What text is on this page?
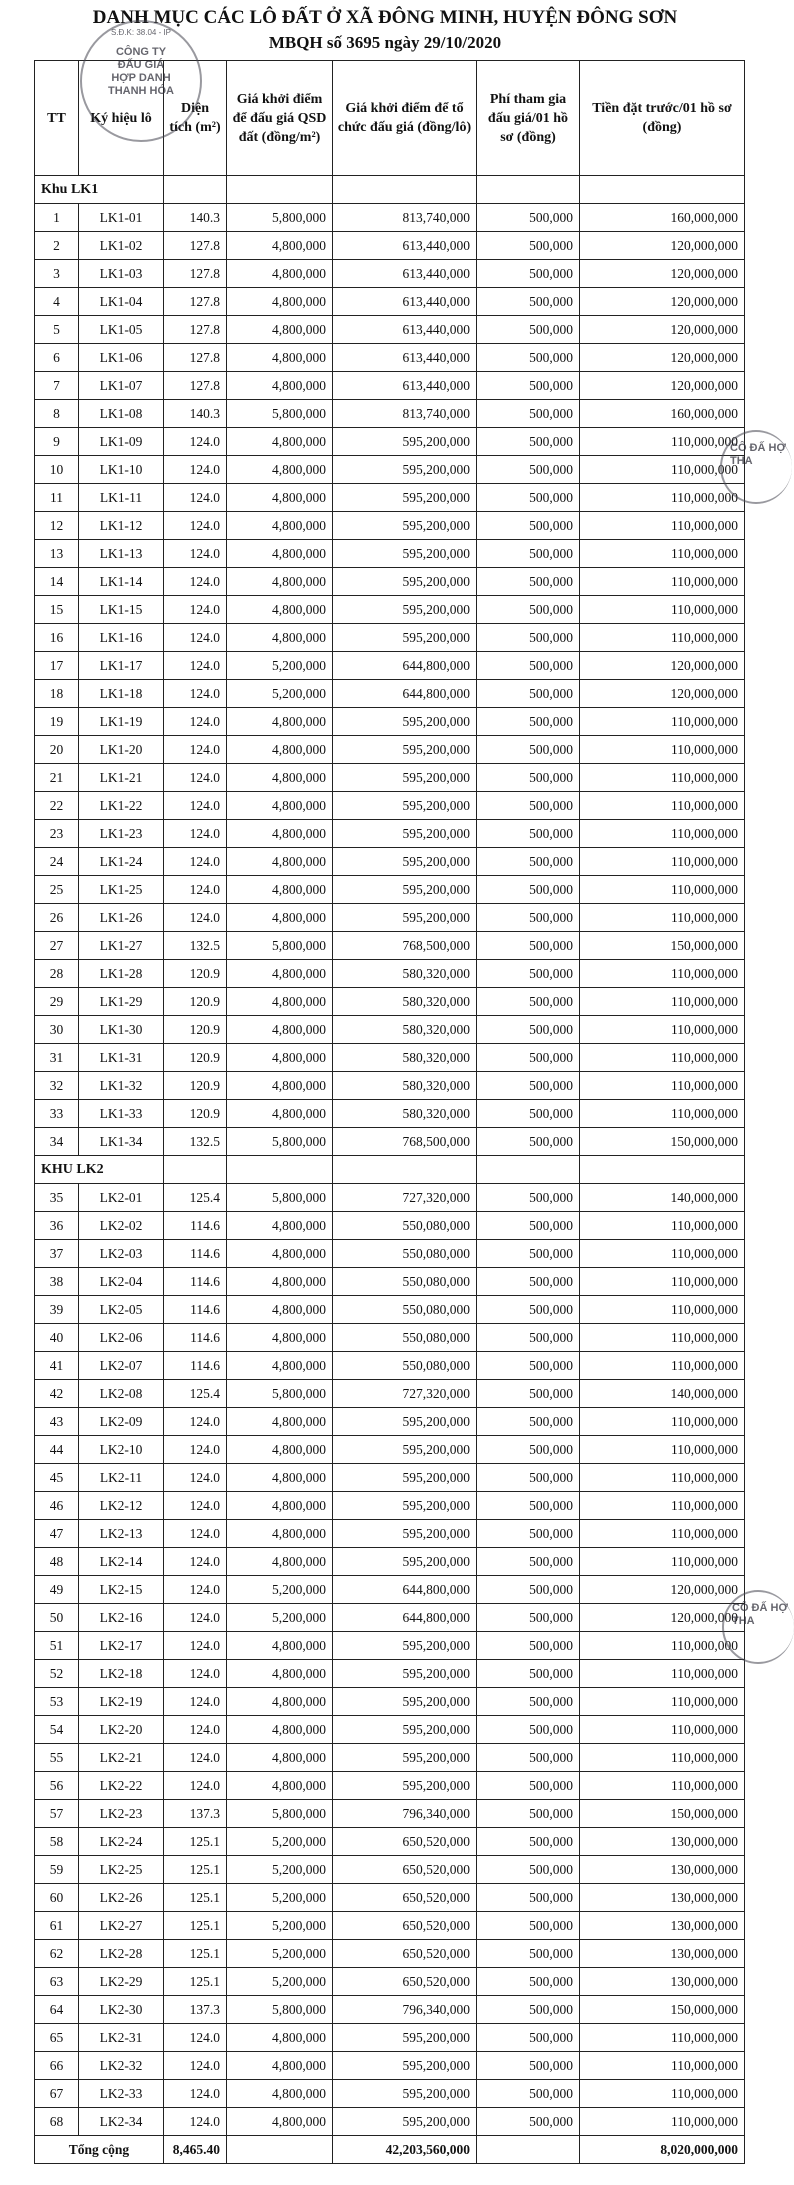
DANH MỤC CÁC LÔ ĐẤT Ở XÃ ĐÔNG MINH, HUYỆN ĐÔNG SƠN
MBQH số 3695 ngày 29/10/2020
TT	Ký hiệu lô	Diện tích (m²)	Giá khởi điểm để đấu giá QSD đất (đồng/m²)	Giá khởi điểm để tổ chức đấu giá (đồng/lô)	Phí tham gia đấu giá/01 hồ sơ (đồng)	Tiền đặt trước/01 hồ sơ (đồng)
Khu LK1						
1	LK1-01	140.3	5,800,000	813,740,000	500,000	160,000,000
2	LK1-02	127.8	4,800,000	613,440,000	500,000	120,000,000
3	LK1-03	127.8	4,800,000	613,440,000	500,000	120,000,000
4	LK1-04	127.8	4,800,000	613,440,000	500,000	120,000,000
5	LK1-05	127.8	4,800,000	613,440,000	500,000	120,000,000
6	LK1-06	127.8	4,800,000	613,440,000	500,000	120,000,000
7	LK1-07	127.8	4,800,000	613,440,000	500,000	120,000,000
8	LK1-08	140.3	5,800,000	813,740,000	500,000	160,000,000
9	LK1-09	124.0	4,800,000	595,200,000	500,000	110,000,000
10	LK1-10	124.0	4,800,000	595,200,000	500,000	110,000,000
11	LK1-11	124.0	4,800,000	595,200,000	500,000	110,000,000
12	LK1-12	124.0	4,800,000	595,200,000	500,000	110,000,000
13	LK1-13	124.0	4,800,000	595,200,000	500,000	110,000,000
14	LK1-14	124.0	4,800,000	595,200,000	500,000	110,000,000
15	LK1-15	124.0	4,800,000	595,200,000	500,000	110,000,000
16	LK1-16	124.0	4,800,000	595,200,000	500,000	110,000,000
17	LK1-17	124.0	5,200,000	644,800,000	500,000	120,000,000
18	LK1-18	124.0	5,200,000	644,800,000	500,000	120,000,000
19	LK1-19	124.0	4,800,000	595,200,000	500,000	110,000,000
20	LK1-20	124.0	4,800,000	595,200,000	500,000	110,000,000
21	LK1-21	124.0	4,800,000	595,200,000	500,000	110,000,000
22	LK1-22	124.0	4,800,000	595,200,000	500,000	110,000,000
23	LK1-23	124.0	4,800,000	595,200,000	500,000	110,000,000
24	LK1-24	124.0	4,800,000	595,200,000	500,000	110,000,000
25	LK1-25	124.0	4,800,000	595,200,000	500,000	110,000,000
26	LK1-26	124.0	4,800,000	595,200,000	500,000	110,000,000
27	LK1-27	132.5	5,800,000	768,500,000	500,000	150,000,000
28	LK1-28	120.9	4,800,000	580,320,000	500,000	110,000,000
29	LK1-29	120.9	4,800,000	580,320,000	500,000	110,000,000
30	LK1-30	120.9	4,800,000	580,320,000	500,000	110,000,000
31	LK1-31	120.9	4,800,000	580,320,000	500,000	110,000,000
32	LK1-32	120.9	4,800,000	580,320,000	500,000	110,000,000
33	LK1-33	120.9	4,800,000	580,320,000	500,000	110,000,000
34	LK1-34	132.5	5,800,000	768,500,000	500,000	150,000,000
KHU LK2						
35	LK2-01	125.4	5,800,000	727,320,000	500,000	140,000,000
36	LK2-02	114.6	4,800,000	550,080,000	500,000	110,000,000
37	LK2-03	114.6	4,800,000	550,080,000	500,000	110,000,000
38	LK2-04	114.6	4,800,000	550,080,000	500,000	110,000,000
39	LK2-05	114.6	4,800,000	550,080,000	500,000	110,000,000
40	LK2-06	114.6	4,800,000	550,080,000	500,000	110,000,000
41	LK2-07	114.6	4,800,000	550,080,000	500,000	110,000,000
42	LK2-08	125.4	5,800,000	727,320,000	500,000	140,000,000
43	LK2-09	124.0	4,800,000	595,200,000	500,000	110,000,000
44	LK2-10	124.0	4,800,000	595,200,000	500,000	110,000,000
45	LK2-11	124.0	4,800,000	595,200,000	500,000	110,000,000
46	LK2-12	124.0	4,800,000	595,200,000	500,000	110,000,000
47	LK2-13	124.0	4,800,000	595,200,000	500,000	110,000,000
48	LK2-14	124.0	4,800,000	595,200,000	500,000	110,000,000
49	LK2-15	124.0	5,200,000	644,800,000	500,000	120,000,000
50	LK2-16	124.0	5,200,000	644,800,000	500,000	120,000,000
51	LK2-17	124.0	4,800,000	595,200,000	500,000	110,000,000
52	LK2-18	124.0	4,800,000	595,200,000	500,000	110,000,000
53	LK2-19	124.0	4,800,000	595,200,000	500,000	110,000,000
54	LK2-20	124.0	4,800,000	595,200,000	500,000	110,000,000
55	LK2-21	124.0	4,800,000	595,200,000	500,000	110,000,000
56	LK2-22	124.0	4,800,000	595,200,000	500,000	110,000,000
57	LK2-23	137.3	5,800,000	796,340,000	500,000	150,000,000
58	LK2-24	125.1	5,200,000	650,520,000	500,000	130,000,000
59	LK2-25	125.1	5,200,000	650,520,000	500,000	130,000,000
60	LK2-26	125.1	5,200,000	650,520,000	500,000	130,000,000
61	LK2-27	125.1	5,200,000	650,520,000	500,000	130,000,000
62	LK2-28	125.1	5,200,000	650,520,000	500,000	130,000,000
63	LK2-29	125.1	5,200,000	650,520,000	500,000	130,000,000
64	LK2-30	137.3	5,800,000	796,340,000	500,000	150,000,000
65	LK2-31	124.0	4,800,000	595,200,000	500,000	110,000,000
66	LK2-32	124.0	4,800,000	595,200,000	500,000	110,000,000
67	LK2-33	124.0	4,800,000	595,200,000	500,000	110,000,000
68	LK2-34	124.0	4,800,000	595,200,000	500,000	110,000,000
Tổng cộng		8,465.40		42,203,560,000		8,020,000,000
S.Đ.K: 38.04 - IP
CÔNG TY
ĐẤU GIÁ
HỢP DANH
THANH HÓA
CÔ ĐẤ HỢ THA
CÔ ĐẤ HỢ THA
